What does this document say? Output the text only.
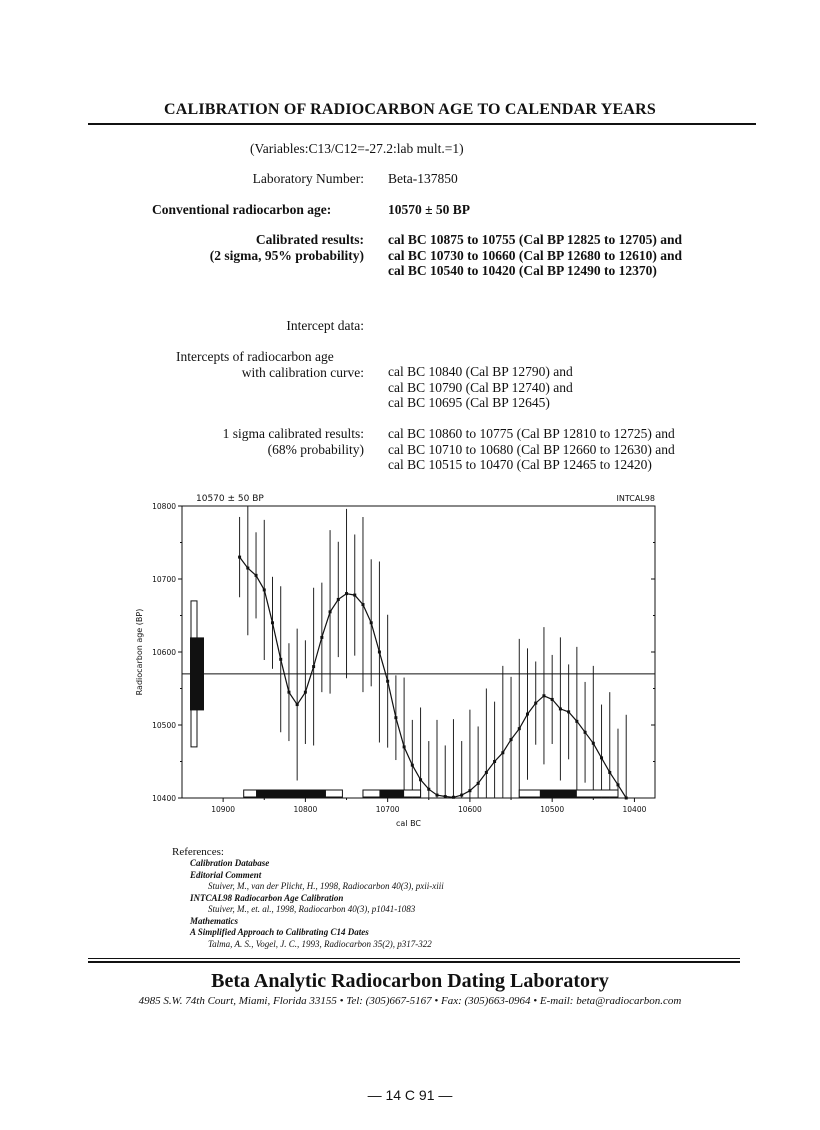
CALIBRATION OF RADIOCARBON AGE TO CALENDAR YEARS
(Variables:C13/C12=-27.2:lab mult.=1)
Laboratory Number: Beta-137850
Conventional radiocarbon age:	10570 ± 50 BP
Calibrated results:
(2 sigma, 95% probability)
cal BC 10875 to 10755 (Cal BP 12825 to 12705) and
cal BC 10730 to 10660 (Cal BP 12680 to 12610) and
cal BC 10540 to 10420 (Cal BP 12490 to 12370)
Intercept data:
Intercepts of radiocarbon age
with calibration curve: cal BC 10840 (Cal BP 12790) and
cal BC 10790 (Cal BP 12740) and
cal BC 10695 (Cal BP 12645)
1 sigma calibrated results:
(68% probability)
cal BC 10860 to 10775 (Cal BP 12810 to 12725) and
cal BC 10710 to 10680 (Cal BP 12660 to 12630) and
cal BC 10515 to 10470 (Cal BP 12465 to 12420)
10570 ± 50 BP	INTCAL98
10800
10700
10600
10500
10400
10900	10800	10700	10600	10500	10400
cal BC
Radiocarbon age (BP)
References:
Calibration Database
Editorial Comment
Stuiver, M., van der Plicht, H., 1998, Radiocarbon 40(3), pxii-xiii
INTCAL98 Radiocarbon Age Calibration
Stuiver, M., et. al., 1998, Radiocarbon 40(3), p1041-1083
Mathematics
A Simplified Approach to Calibrating C14 Dates
Talma, A. S., Vogel, J. C., 1993, Radiocarbon 35(2), p317-322
Beta Analytic Radiocarbon Dating Laboratory
4985 S.W. 74th Court, Miami, Florida 33155 • Tel: (305)667-5167 • Fax: (305)663-0964 • E-mail: beta@radiocarbon.com
— 14 C 91 —
